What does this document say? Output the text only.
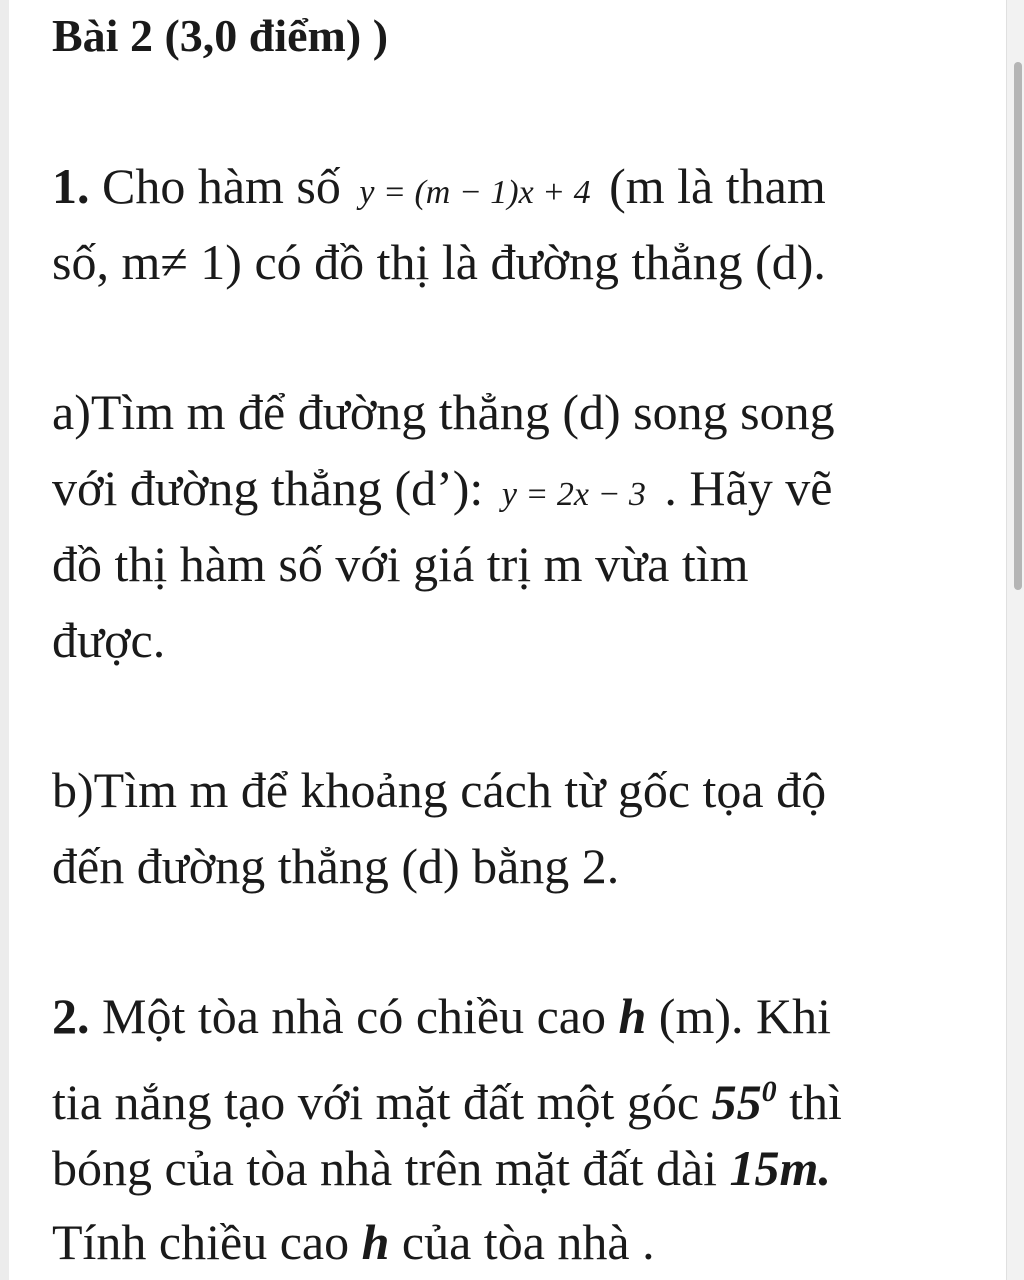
Bài 2 (3,0 điểm) )
1. Cho hàm số y = (m − 1)x + 4 (m là tham
số, m≠ 1) có đồ thị là đường thẳng (d).
a)Tìm m để đường thẳng (d) song song
với đường thẳng (d’): y = 2x − 3 . Hãy vẽ
đồ thị hàm số với giá trị m vừa tìm
được.
b)Tìm m để khoảng cách từ gốc tọa độ
đến đường thẳng (d) bằng 2.
2. Một tòa nhà có chiều cao h (m). Khi
tia nắng tạo với mặt đất một góc $55^0$ thì
bóng của tòa nhà trên mặt đất dài 15m.
Tính chiều cao h của tòa nhà .
